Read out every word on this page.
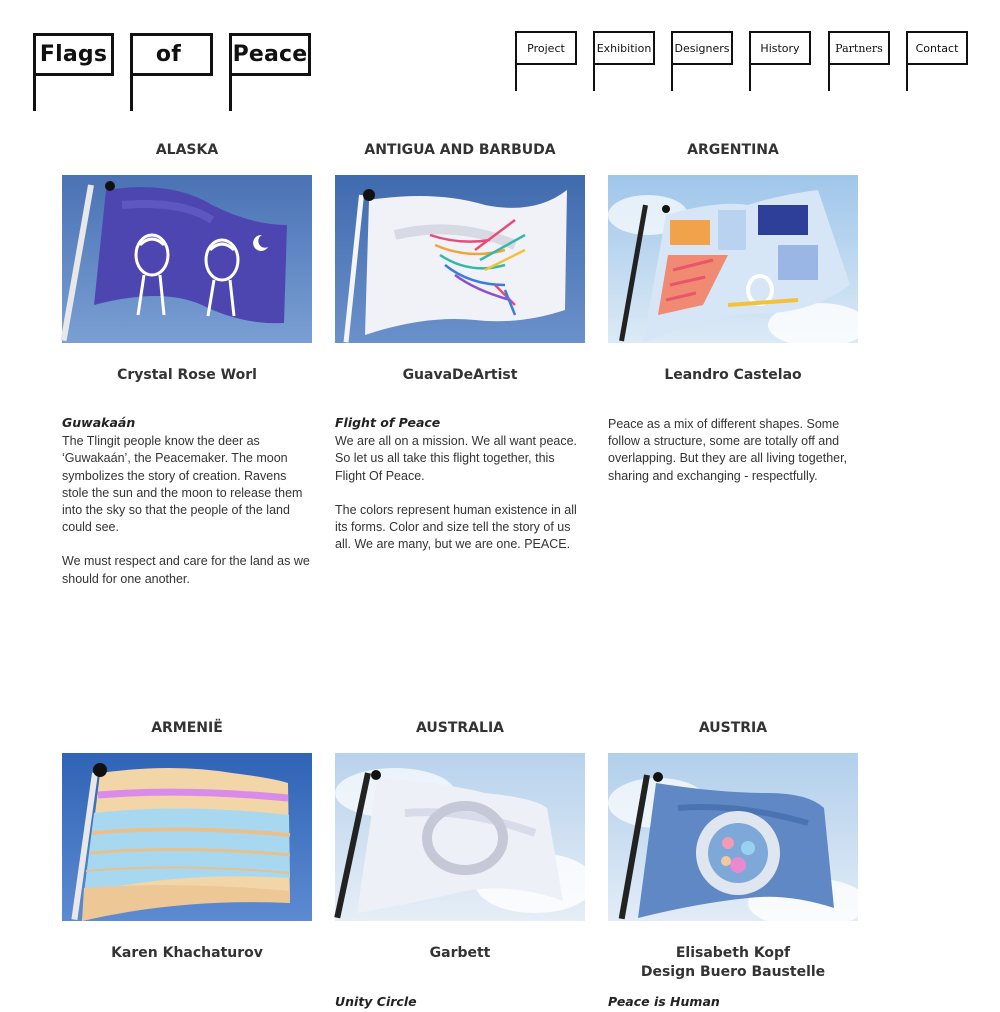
Flags	of	Peace	Project	Exhibition	Designers	History	Partners	Contact
ALASKA
Crystal Rose Worl
Guwakaán

The Tlingit people know the deer as ‘Guwakaán’, the Peacemaker. The moon symbolizes the story of creation. Ravens stole the sun and the moon to release them into the sky so that the people of the land could see.

We must respect and care for the land as we should for one another.

ANTIGUA AND BARBUDA
GuavaDeArtist
Flight of Peace

We are all on a mission. We all want peace. So let us all take this flight together, this Flight Of Peace.

The colors represent human existence in all its forms. Color and size tell the story of us all. We are many, but we are one. PEACE.

ARGENTINA
Leandro Castelao

Peace as a mix of different shapes. Some follow a structure, some are totally off and overlapping. But they are all living together, sharing and exchanging - respectfully.

ARMENIË
Karen Khachaturov
AUSTRALIA
Garbett
Unity Circle
AUSTRIA
Elisabeth Kopf
Design Buero Baustelle
Peace is Human
